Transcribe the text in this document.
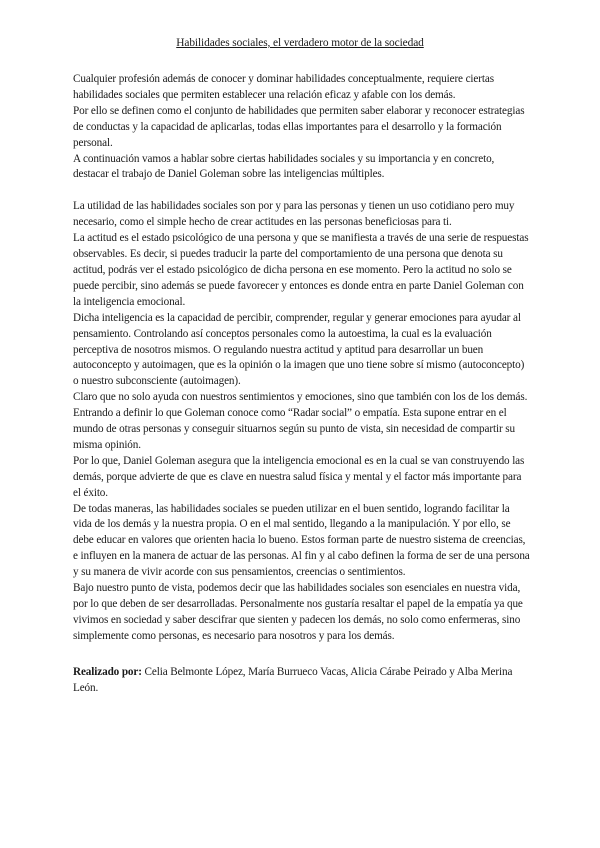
Habilidades sociales, el verdadero motor de la sociedad

Cualquier profesión además de conocer y dominar habilidades conceptualmente, requiere ciertas habilidades sociales que permiten establecer una relación eficaz y afable con los demás.

Por ello se definen como el conjunto de habilidades que permiten saber elaborar y reconocer estrategias de conductas y la capacidad de aplicarlas, todas ellas importantes para el desarrollo y la formación personal.

A continuación vamos a hablar sobre ciertas habilidades sociales y su importancia y en concreto, destacar el trabajo de Daniel Goleman sobre las inteligencias múltiples.

La utilidad de las habilidades sociales son por y para las personas y tienen un uso cotidiano pero muy necesario, como el simple hecho de crear actitudes en las personas beneficiosas para ti.

La actitud es el estado psicológico de una persona y que se manifiesta a través de una serie de respuestas observables. Es decir, si puedes traducir la parte del comportamiento de una persona que denota su actitud, podrás ver el estado psicológico de dicha persona en ese momento. Pero la actitud no solo se puede percibir, sino además se puede favorecer y entonces es donde entra en parte Daniel Goleman con la inteligencia emocional.

Dicha inteligencia es la capacidad de percibir, comprender, regular y generar emociones para ayudar al pensamiento. Controlando así conceptos personales como la autoestima, la cual es la evaluación perceptiva de nosotros mismos. O regulando nuestra actitud y aptitud para desarrollar un buen autoconcepto y autoimagen, que es la opinión o la imagen que uno tiene sobre sí mismo (autoconcepto) o nuestro subconsciente (autoimagen).

Claro que no solo ayuda con nuestros sentimientos y emociones, sino que también con los de los demás. Entrando a definir lo que Goleman conoce como “Radar social” o empatía. Esta supone entrar en el mundo de otras personas y conseguir situarnos según su punto de vista, sin necesidad de compartir su misma opinión.

Por lo que, Daniel Goleman asegura que la inteligencia emocional es en la cual se van construyendo las demás, porque advierte de que es clave en nuestra salud física y mental y el factor más importante para el éxito.

De todas maneras, las habilidades sociales se pueden utilizar en el buen sentido, logrando facilitar la vida de los demás y la nuestra propia. O en el mal sentido, llegando a la manipulación. Y por ello, se debe educar en valores que orienten hacia lo bueno. Estos forman parte de nuestro sistema de creencias, e influyen en la manera de actuar de las personas. Al fin y al cabo definen la forma de ser de una persona y su manera de vivir acorde con sus pensamientos, creencias o sentimientos.

Bajo nuestro punto de vista, podemos decir que las habilidades sociales son esenciales en nuestra vida, por lo que deben de ser desarrolladas. Personalmente nos gustaría resaltar el papel de la empatía ya que vivimos en sociedad y saber descifrar que sienten y padecen los demás, no solo como enfermeras, sino simplemente como personas, es necesario para nosotros y para los demás.

Realizado por: Celia Belmonte López, María Burrueco Vacas, Alicia Cárabe Peirado y Alba Merina León.
